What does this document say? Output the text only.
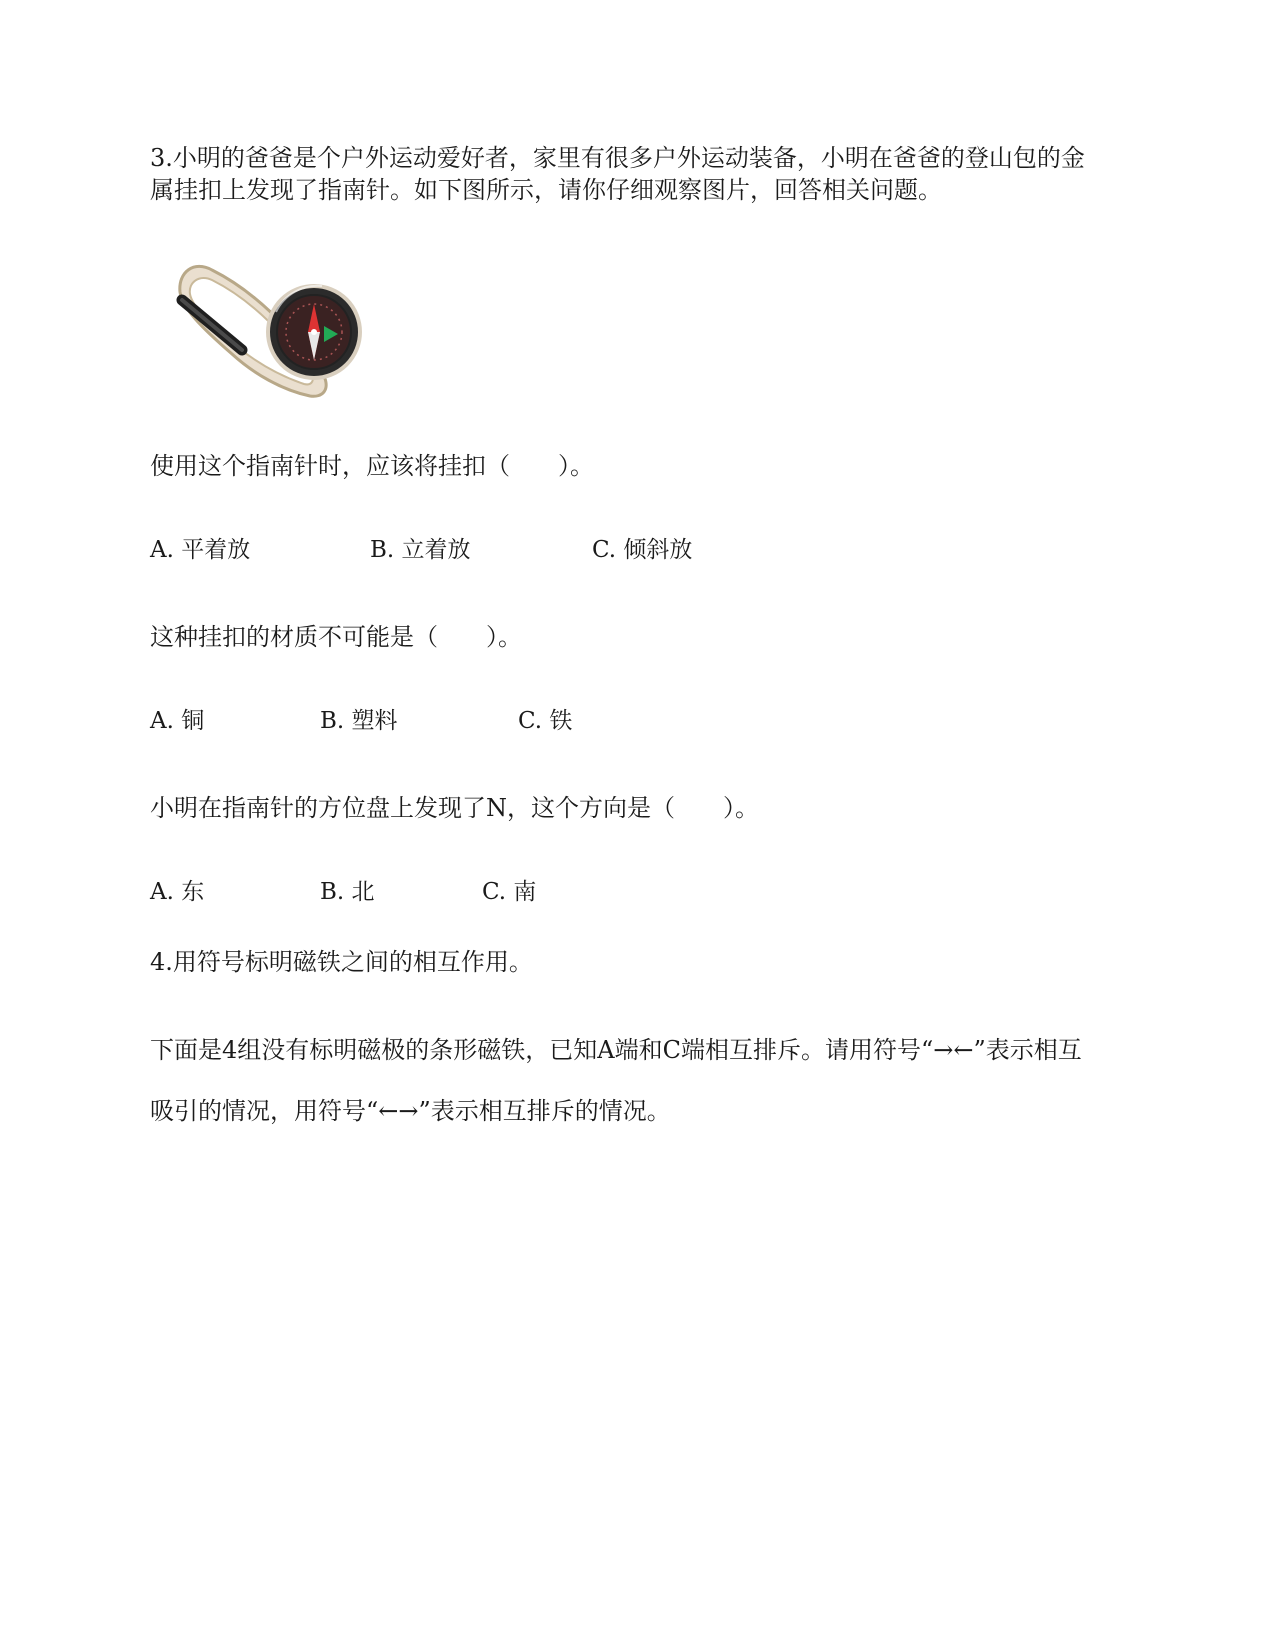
3.小明的爸爸是个户外运动爱好者，家里有很多户外运动装备，小明在爸爸的登山包的金
属挂扣上发现了指南针。如下图所示，请你仔细观察图片，回答相关问题。
使用这个指南针时，应该将挂扣（　　）。
A. 平着放	B. 立着放	C. 倾斜放
这种挂扣的材质不可能是（　　）。
A. 铜	B. 塑料	C. 铁
小明在指南针的方位盘上发现了N，这个方向是（　　）。
A. 东	B. 北	C. 南
4.用符号标明磁铁之间的相互作用。
下面是4组没有标明磁极的条形磁铁，已知A端和C端相互排斥。请用符号“→←”表示相互
吸引的情况，用符号“←→”表示相互排斥的情况。
